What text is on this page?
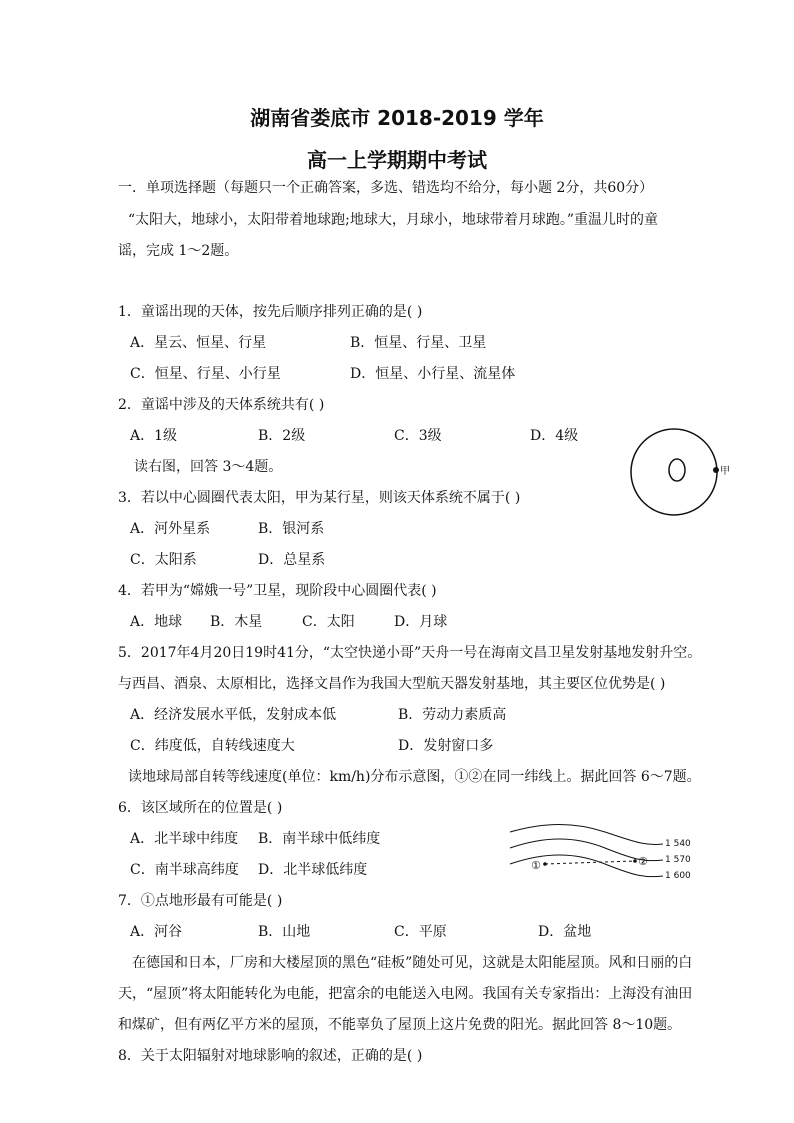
湖南省娄底市 2018-2019 学年
高一上学期期中考试
一．单项选择题（每题只一个正确答案，多选、错选均不给分，每小题 2分，共60分）
“太阳大，地球小，太阳带着地球跑;地球大，月球小，地球带着月球跑。”重温儿时的童
谣，完成 1～2题。
1．童谣出现的天体，按先后顺序排列正确的是( )
A．星云、恒星、行星	B．恒星、行星、卫星
C．恒星、行星、小行星	D．恒星、小行星、流星体
2．童谣中涉及的天体系统共有( )
A．1级	B．2级	C．3级	D．4级
读右图，回答 3～4题。	甲
3．若以中心圆圈代表太阳，甲为某行星，则该天体系统不属于( )
A．河外星系	B．银河系
C．太阳系	D．总星系
4．若甲为“嫦娥一号”卫星，现阶段中心圆圈代表( )
A．地球 B．木星	C．太阳	D．月球
5．2017年4月20日19时41分，“太空快递小哥”天舟一号在海南文昌卫星发射基地发射升空。
与西昌、酒泉、太原相比，选择文昌作为我国大型航天器发射基地，其主要区位优势是( )
A．经济发展水平低，发射成本低	B．劳动力素质高
C．纬度低，自转线速度大	D．发射窗口多
读地球局部自转等线速度(单位：km/h)分布示意图，①②在同一纬线上。据此回答 6～7题。
6．该区域所在的位置是( )
A．北半球中纬度 B．南半球中低纬度
C．南半球高纬度 D．北半球低纬度	①	②
1 540
1 570
1 600
7．①点地形最有可能是( )
A．河谷	B．山地	C．平原	D．盆地
在德国和日本，厂房和大楼屋顶的黑色“硅板”随处可见，这就是太阳能屋顶。风和日丽的白
天，“屋顶”将太阳能转化为电能，把富余的电能送入电网。我国有关专家指出：上海没有油田
和煤矿，但有两亿平方米的屋顶，不能辜负了屋顶上这片免费的阳光。据此回答 8～10题。
8．关于太阳辐射对地球影响的叙述，正确的是( )
